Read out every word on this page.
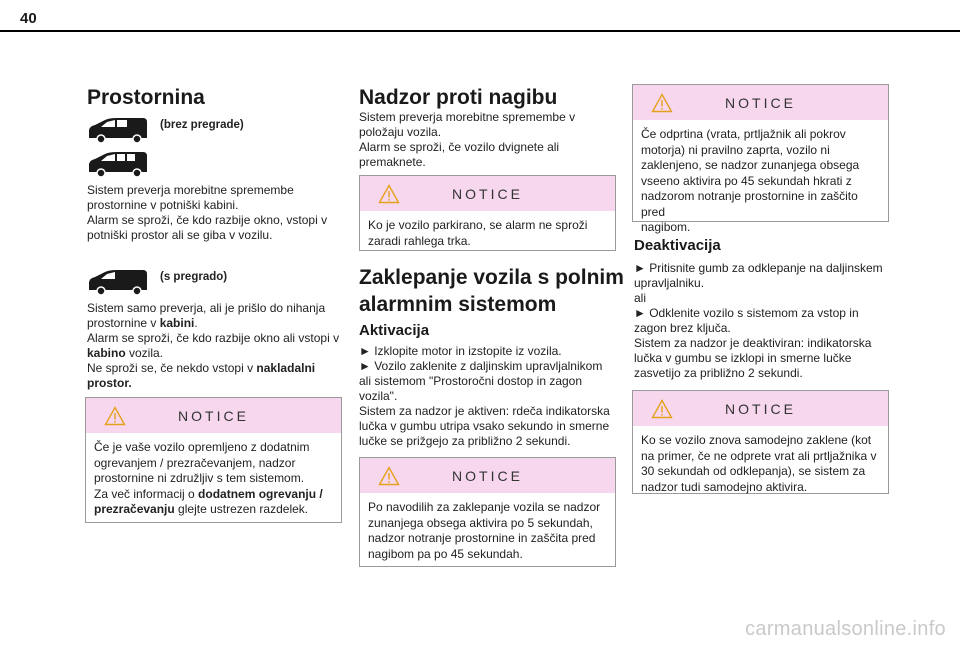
40
Prostornina
(brez pregrade)
Sistem preverja morebitne spremembe
prostornine v potniški kabini.
Alarm se sproži, če kdo razbije okno, vstopi v
potniški prostor ali se giba v vozilu.
(s pregrado)
Sistem samo preverja, ali je prišlo do nihanja
prostornine v kabini.
Alarm se sproži, če kdo razbije okno ali vstopi v
kabino vozila.
Ne sproži se, če nekdo vstopi v nakladalni
prostor.
NOTICE
Če je vaše vozilo opremljeno z dodatnim
ogrevanjem / prezračevanjem, nadzor
prostornine ni združljiv s tem sistemom.
Za več informacij o dodatnem ogrevanju /
prezračevanju glejte ustrezen razdelek.
Nadzor proti nagibu
Sistem preverja morebitne spremembe v
položaju vozila.
Alarm se sproži, če vozilo dvignete ali
premaknete.
NOTICE
Ko je vozilo parkirano, se alarm ne sproži
zaradi rahlega trka.
Zaklepanje vozila s polnim
alarmnim sistemom
Aktivacija
► Izklopite motor in izstopite iz vozila.
► Vozilo zaklenite z daljinskim upravljalnikom
ali sistemom "Prostoročni dostop in zagon
vozila".
Sistem za nadzor je aktiven: rdeča indikatorska
lučka v gumbu utripa vsako sekundo in smerne
lučke se prižgejo za približno 2 sekundi.
NOTICE
Po navodilih za zaklepanje vozila se nadzor
zunanjega obsega aktivira po 5 sekundah,
nadzor notranje prostornine in zaščita pred
nagibom pa po 45 sekundah.
NOTICE
Če odprtina (vrata, prtljažnik ali pokrov
motorja) ni pravilno zaprta, vozilo ni
zaklenjeno, se nadzor zunanjega obsega
vseeno aktivira po 45 sekundah hkrati z
nadzorom notranje prostornine in zaščito pred
nagibom.
Deaktivacija
► Pritisnite gumb za odklepanje na daljinskem
upravljalniku.
ali
► Odklenite vozilo s sistemom za vstop in
zagon brez ključa.
Sistem za nadzor je deaktiviran: indikatorska
lučka v gumbu se izklopi in smerne lučke
zasvetijo za približno 2 sekundi.
NOTICE
Ko se vozilo znova samodejno zaklene (kot
na primer, če ne odprete vrat ali prtljažnika v
30 sekundah od odklepanja), se sistem za
nadzor tudi samodejno aktivira.
carmanualsonline.info
